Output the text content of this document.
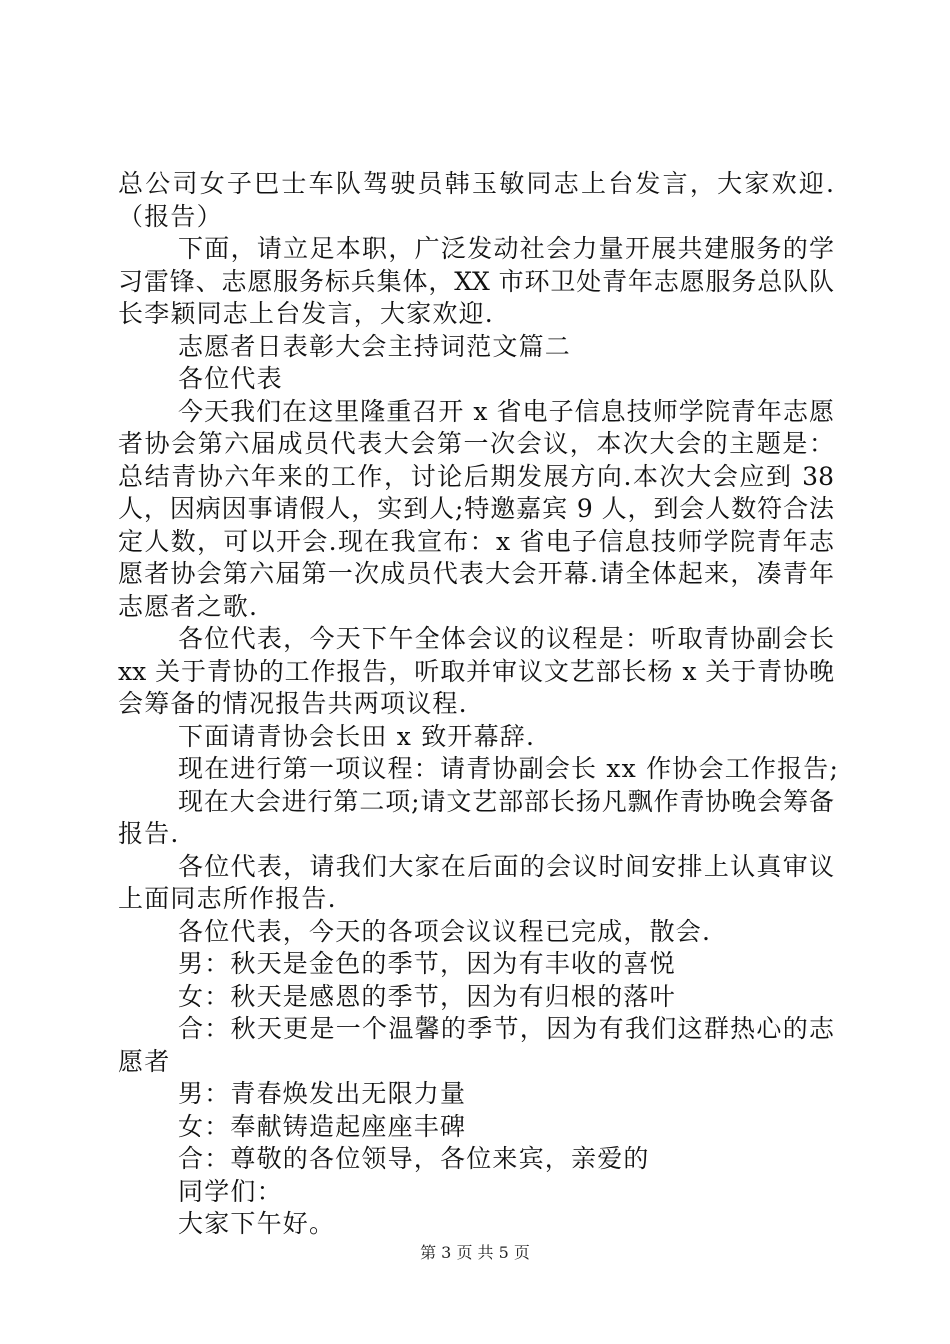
总公司女子巴士车队驾驶员韩玉敏同志上台发言，大家欢迎.
（报告）
下面，请立足本职，广泛发动社会力量开展共建服务的学
习雷锋、志愿服务标兵集体，XX 市环卫处青年志愿服务总队队
长李颖同志上台发言，大家欢迎.
志愿者日表彰大会主持词范文篇二
各位代表
今天我们在这里隆重召开 x 省电子信息技师学院青年志愿
者协会第六届成员代表大会第一次会议，本次大会的主题是：
总结青协六年来的工作，讨论后期发展方向.本次大会应到 38
人，因病因事请假人，实到人;特邀嘉宾 9 人，到会人数符合法
定人数，可以开会.现在我宣布：x 省电子信息技师学院青年志
愿者协会第六届第一次成员代表大会开幕.请全体起来，凑青年
志愿者之歌.
各位代表，今天下午全体会议的议程是：听取青协副会长
xx 关于青协的工作报告，听取并审议文艺部长杨 x 关于青协晚
会筹备的情况报告共两项议程.
下面请青协会长田 x 致开幕辞.
现在进行第一项议程：请青协副会长 xx 作协会工作报告;
现在大会进行第二项;请文艺部部长扬凡飘作青协晚会筹备
报告.
各位代表，请我们大家在后面的会议时间安排上认真审议
上面同志所作报告.
各位代表，今天的各项会议议程已完成，散会.
男：秋天是金色的季节，因为有丰收的喜悦
女：秋天是感恩的季节，因为有归根的落叶
合：秋天更是一个温馨的季节，因为有我们这群热心的志
愿者
男：青春焕发出无限力量
女：奉献铸造起座座丰碑
合：尊敬的各位领导，各位来宾，亲爱的
同学们：
大家下午好。
第 3 页 共 5 页
